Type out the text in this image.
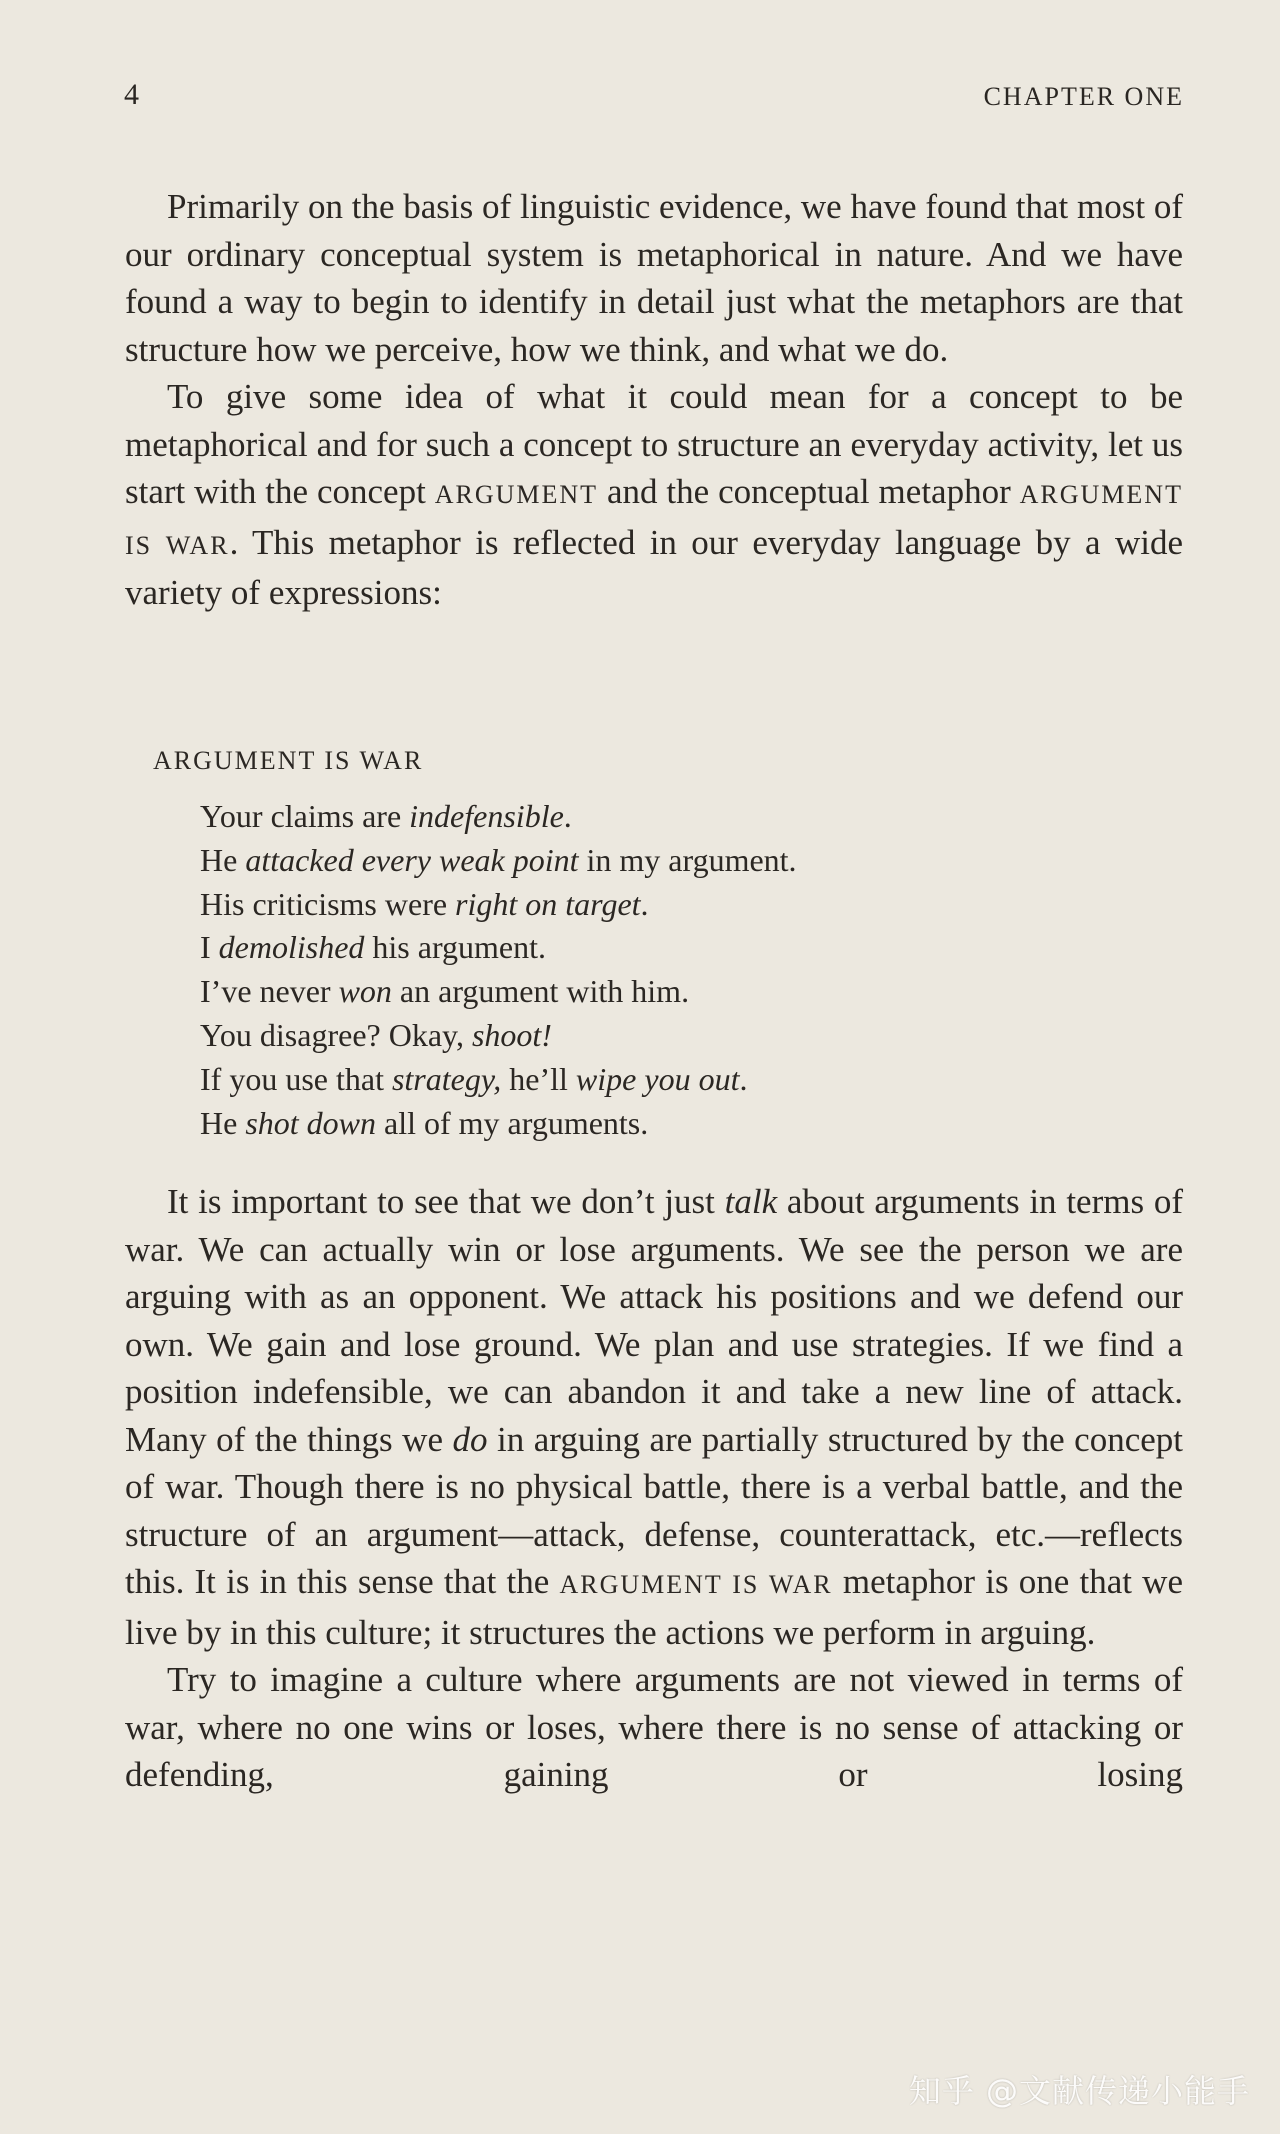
4	CHAPTER ONE

Primarily on the basis of linguistic evidence, we have found that most of our ordinary conceptual system is metaphorical in nature. And we have found a way to begin to identify in detail just what the metaphors are that structure how we perceive, how we think, and what we do.

To give some idea of what it could mean for a concept to be metaphorical and for such a concept to structure an everyday activity, let us start with the concept ARGUMENT and the conceptual metaphor ARGUMENT IS WAR. This metaphor is reflected in our everyday language by a wide variety of expressions:

ARGUMENT IS WAR
Your claims are indefensible.
He attacked every weak point in my argument.
His criticisms were right on target.
I demolished his argument.
I’ve never won an argument with him.
You disagree? Okay, shoot!
If you use that strategy, he’ll wipe you out.
He shot down all of my arguments.

It is important to see that we don’t just talk about arguments in terms of war. We can actually win or lose arguments. We see the person we are arguing with as an opponent. We attack his positions and we defend our own. We gain and lose ground. We plan and use strategies. If we find a position indefensible, we can abandon it and take a new line of attack. Many of the things we do in arguing are partially structured by the concept of war. Though there is no physical battle, there is a verbal battle, and the structure of an argument—attack, defense, counterattack, etc.—reflects this. It is in this sense that the ARGUMENT IS WAR metaphor is one that we live by in this culture; it structures the actions we perform in arguing.

Try to imagine a culture where arguments are not viewed in terms of war, where no one wins or loses, where there is no sense of attacking or defending, gaining or losing

知乎 @文献传递小能手
